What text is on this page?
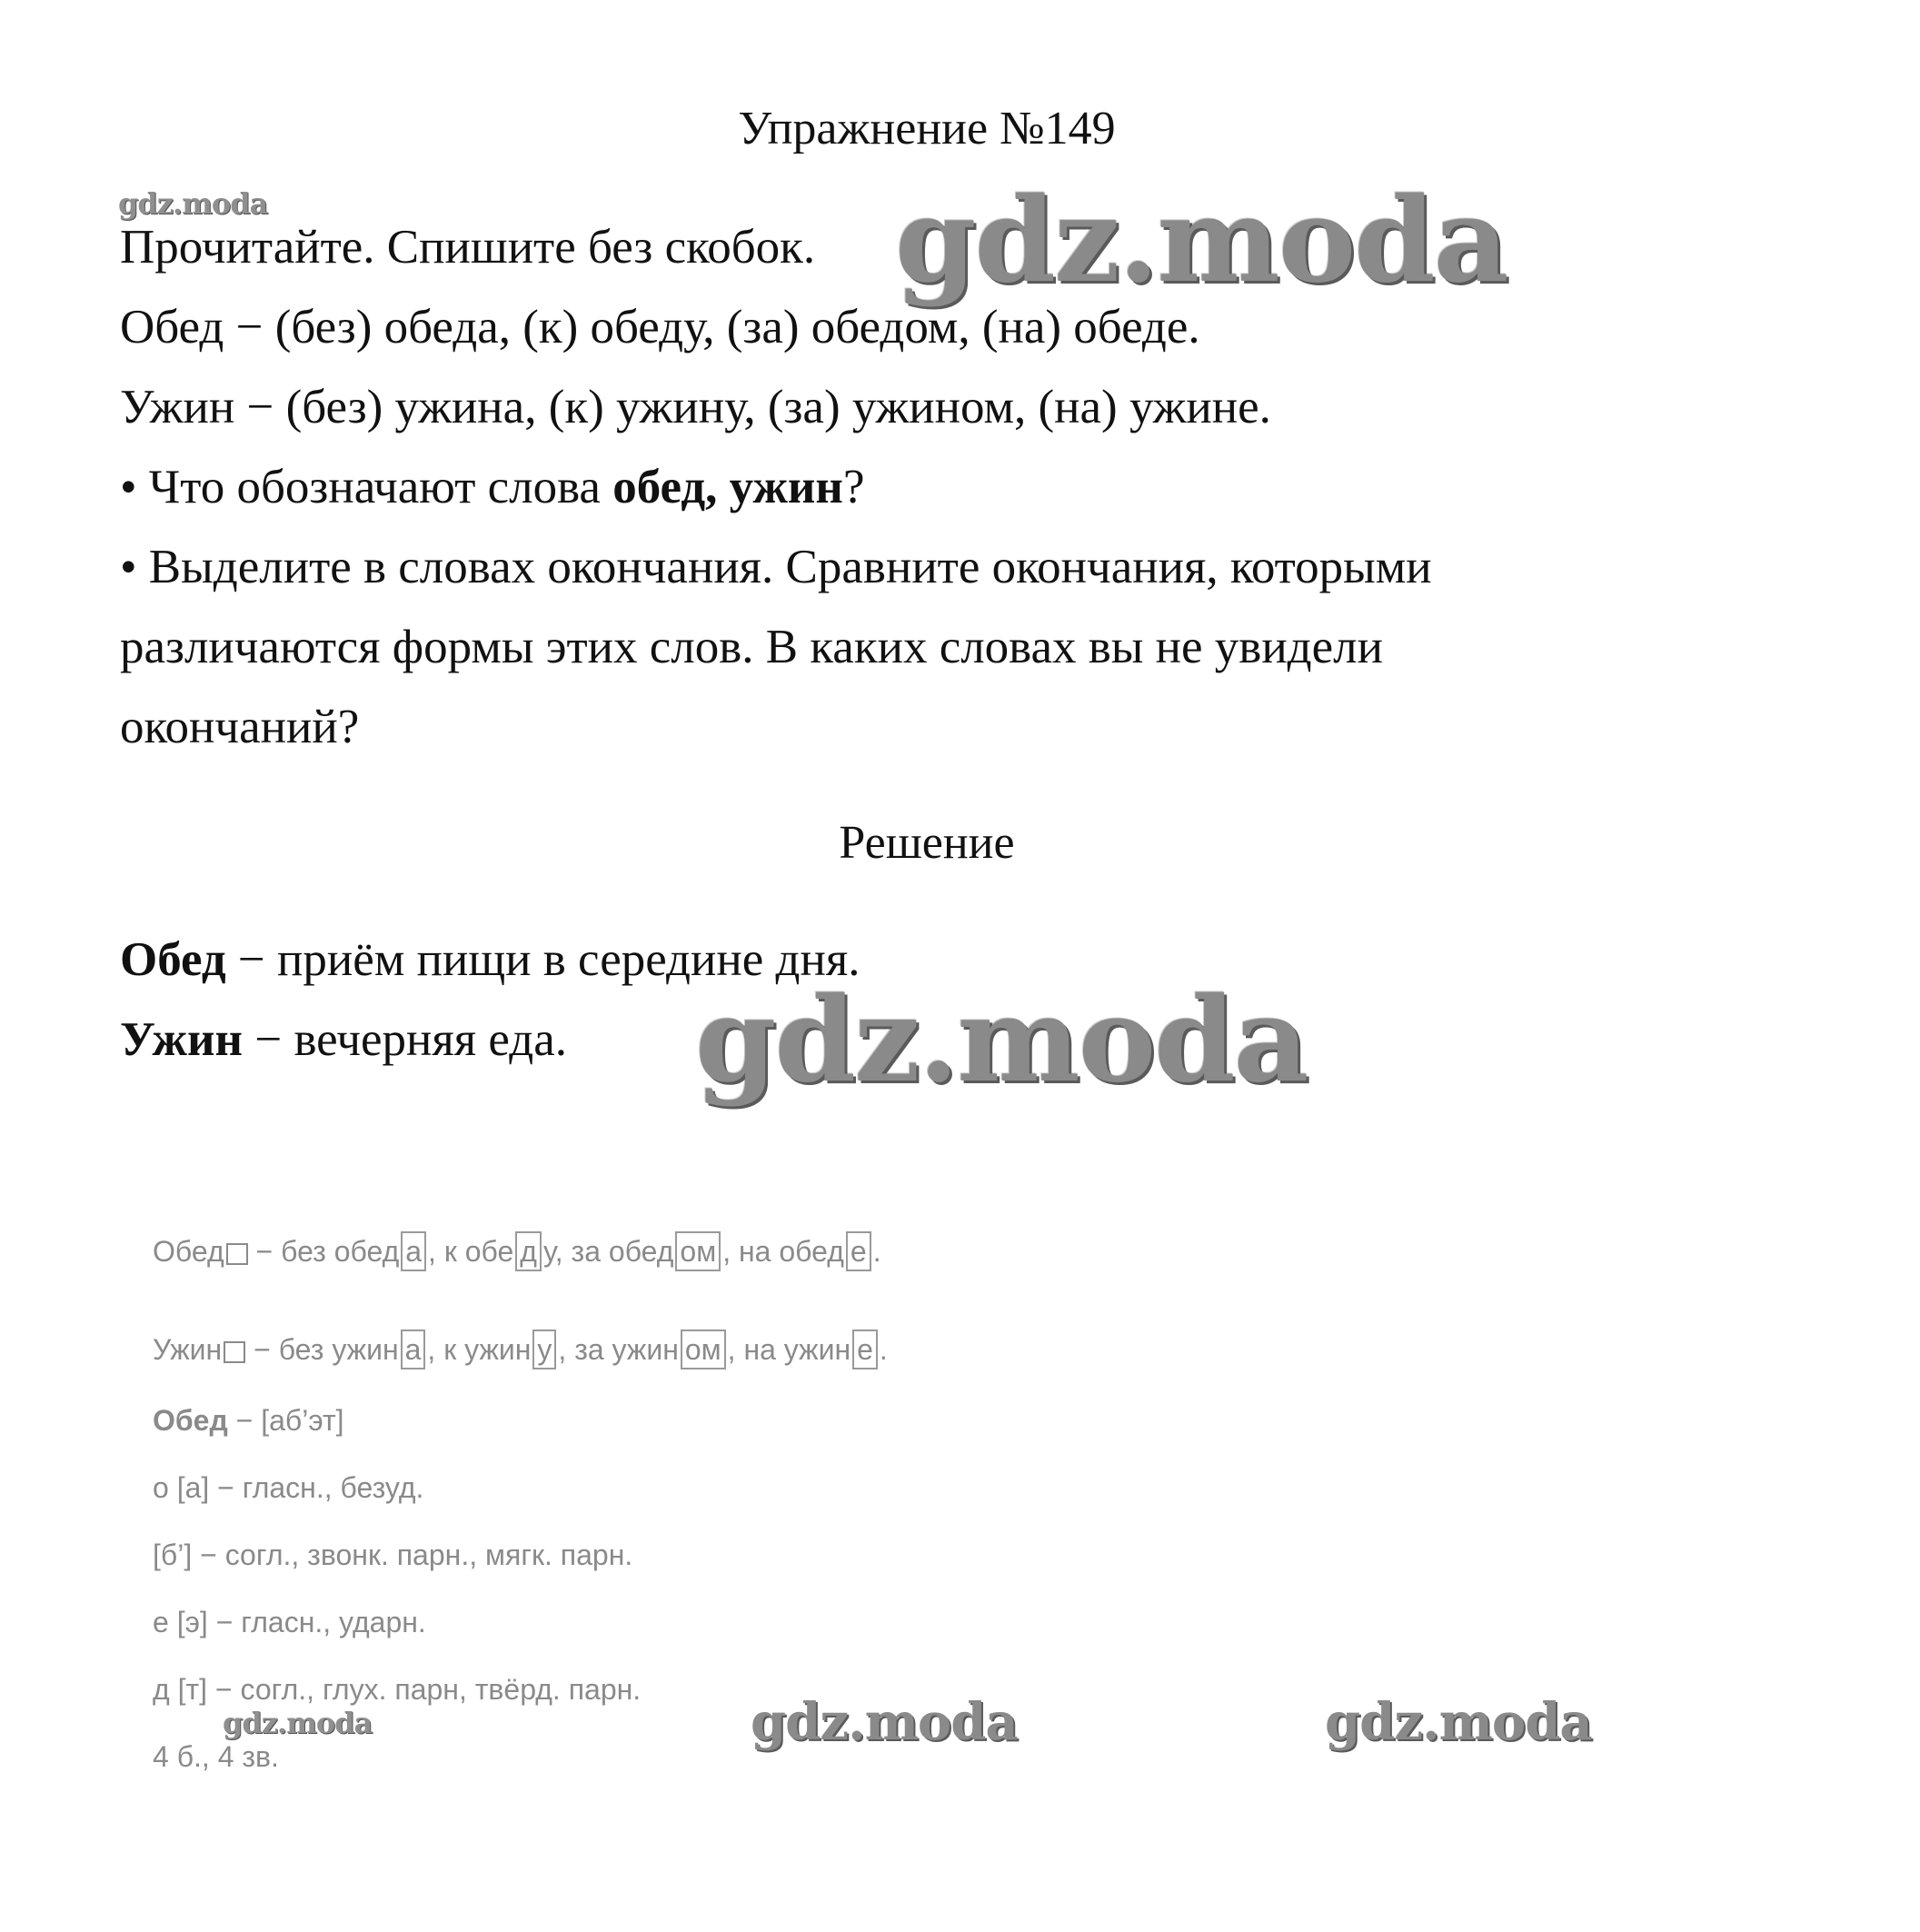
Упражнение №149
gdz.moda
Прочитайте. Спишите без скобок. gdz.moda
Обед − (без) обеда, (к) обеду, (за) обедом, (на) обеде.
Ужин − (без) ужина, (к) ужину, (за) ужином, (на) ужине.
• Что обозначают слова обед, ужин?
• Выделите в словах окончания. Сравните окончания, которыми
различаются формы этих слов. В каких словах вы не увидели
окончаний?
Решение
Обед − приём пищи в середине дня.
Ужин − вечерняя еда. gdz.moda
Обед − без обед а , к обе д у, за обед ом , на обед е .
Ужин − без ужин а , к ужин у , за ужин ом , на ужин е .
Обед − [аб’эт]
о [а] − гласн., безуд.
[б’] − согл., звонк. парн., мягк. парн.
е [э] − гласн., ударн.
д [т] − согл., глух. парн, твёрд. парн.
4 б., 4 зв.
gdz.moda	gdz.moda	gdz.moda
